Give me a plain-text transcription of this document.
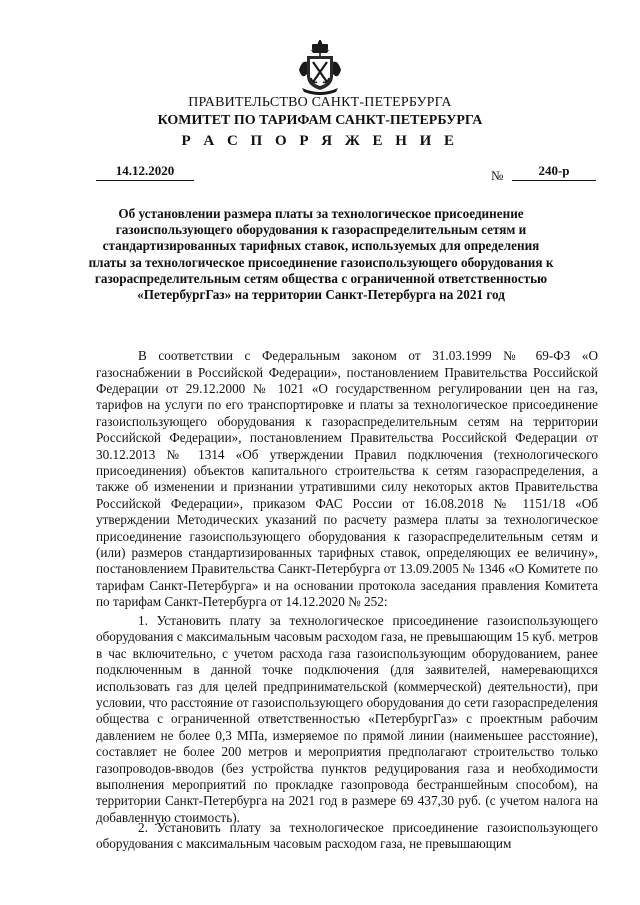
ПРАВИТЕЛЬСТВО САНКТ-ПЕТЕРБУРГА
КОМИТЕТ ПО ТАРИФАМ САНКТ-ПЕТЕРБУРГА
Р А С П О Р Я Ж Е Н И Е
14.12.2020	№	240-р
Об установлении размера платы за технологическое присоединение газоиспользующего оборудования к газораспределительным сетям и стандартизированных тарифных ставок, используемых для определения платы за технологическое присоединение газоиспользующего оборудования к газораспределительным сетям общества с ограниченной ответственностью «ПетербургГаз» на территории Санкт-Петербурга на 2021 год

В соответствии с Федеральным законом от 31.03.1999 № 69-ФЗ «О газоснабжении в Российской Федерации», постановлением Правительства Российской Федерации от 29.12.2000 № 1021 «О государственном регулировании цен на газ, тарифов на услуги по его транспортировке и платы за технологическое присоединение газоиспользующего оборудования к газораспределительным сетям на территории Российской Федерации», постановлением Правительства Российской Федерации от 30.12.2013 № 1314 «Об утверждении Правил подключения (технологического присоединения) объектов капитального строительства к сетям газораспределения, а также об изменении и признании утратившими силу некоторых актов Правительства Российской Федерации», приказом ФАС России от 16.08.2018 № 1151/18 «Об утверждении Методических указаний по расчету размера платы за технологическое присоединение газоиспользующего оборудования к газораспределительным сетям и (или) размеров стандартизированных тарифных ставок, определяющих ее величину», постановлением Правительства Санкт-Петербурга от 13.09.2005 № 1346 «О Комитете по тарифам Санкт-Петербурга» и на основании протокола заседания правления Комитета по тарифам Санкт-Петербурга от 14.12.2020 № 252:

1. Установить плату за технологическое присоединение газоиспользующего оборудования с максимальным часовым расходом газа, не превышающим 15 куб. метров в час включительно, с учетом расхода газа газоиспользующим оборудованием, ранее подключенным в данной точке подключения (для заявителей, намеревающихся использовать газ для целей предпринимательской (коммерческой) деятельности), при условии, что расстояние от газоиспользующего оборудования до сети газораспределения общества с ограниченной ответственностью «ПетербургГаз» с проектным рабочим давлением не более 0,3 МПа, измеряемое по прямой линии (наименьшее расстояние), составляет не более 200 метров и мероприятия предполагают строительство только газопроводов-вводов (без устройства пунктов редуцирования газа и необходимости выполнения мероприятий по прокладке газопровода бестраншейным способом), на территории Санкт-Петербурга на 2021 год в размере 69 437,30 руб. (с учетом налога на добавленную стоимость).

2. Установить плату за технологическое присоединение газоиспользующего оборудования с максимальным часовым расходом газа, не превышающим
